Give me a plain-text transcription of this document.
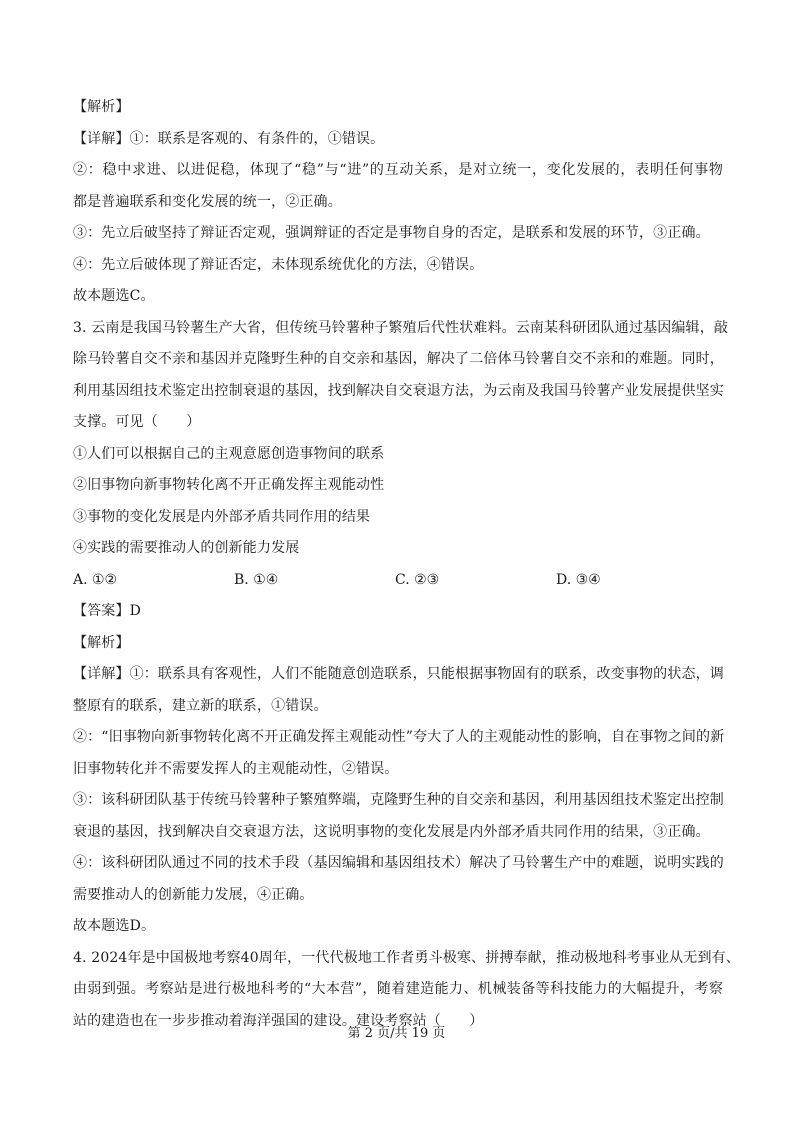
【解析】
【详解】①：联系是客观的、有条件的，①错误。
②：稳中求进、以进促稳，体现了“稳”与“进”的互动关系，是对立统一，变化发展的，表明任何事物
都是普遍联系和变化发展的统一，②正确。
③：先立后破坚持了辩证否定观，强调辩证的否定是事物自身的否定，是联系和发展的环节，③正确。
④：先立后破体现了辩证否定，未体现系统优化的方法，④错误。
故本题选C。
3. 云南是我国马铃薯生产大省，但传统马铃薯种子繁殖后代性状难料。云南某科研团队通过基因编辑，敲
除马铃薯自交不亲和基因并克隆野生种的自交亲和基因，解决了二倍体马铃薯自交不亲和的难题。同时，
利用基因组技术鉴定出控制衰退的基因，找到解决自交衰退方法，为云南及我国马铃薯产业发展提供坚实
支撑。可见（　　）
①人们可以根据自己的主观意愿创造事物间的联系
②旧事物向新事物转化离不开正确发挥主观能动性
③事物的变化发展是内外部矛盾共同作用的结果
④实践的需要推动人的创新能力发展
A. ①②	B. ①④	C. ②③	D. ③④
【答案】D
【解析】
【详解】①：联系具有客观性，人们不能随意创造联系，只能根据事物固有的联系，改变事物的状态，调
整原有的联系，建立新的联系，①错误。
②：“旧事物向新事物转化离不开正确发挥主观能动性”夸大了人的主观能动性的影响，自在事物之间的新
旧事物转化并不需要发挥人的主观能动性，②错误。
③：该科研团队基于传统马铃薯种子繁殖弊端，克隆野生种的自交亲和基因，利用基因组技术鉴定出控制
衰退的基因，找到解决自交衰退方法，这说明事物的变化发展是内外部矛盾共同作用的结果，③正确。
④：该科研团队通过不同的技术手段（基因编辑和基因组技术）解决了马铃薯生产中的难题，说明实践的
需要推动人的创新能力发展，④正确。
故本题选D。
4. 2024年是中国极地考察40周年，一代代极地工作者勇斗极寒、拼搏奉献，推动极地科考事业从无到有、
由弱到强。考察站是进行极地科考的“大本营”，随着建造能力、机械装备等科技能力的大幅提升，考察
站的建造也在一步步推动着海洋强国的建设。建设考察站（　　）
第 2 页/共 19 页
